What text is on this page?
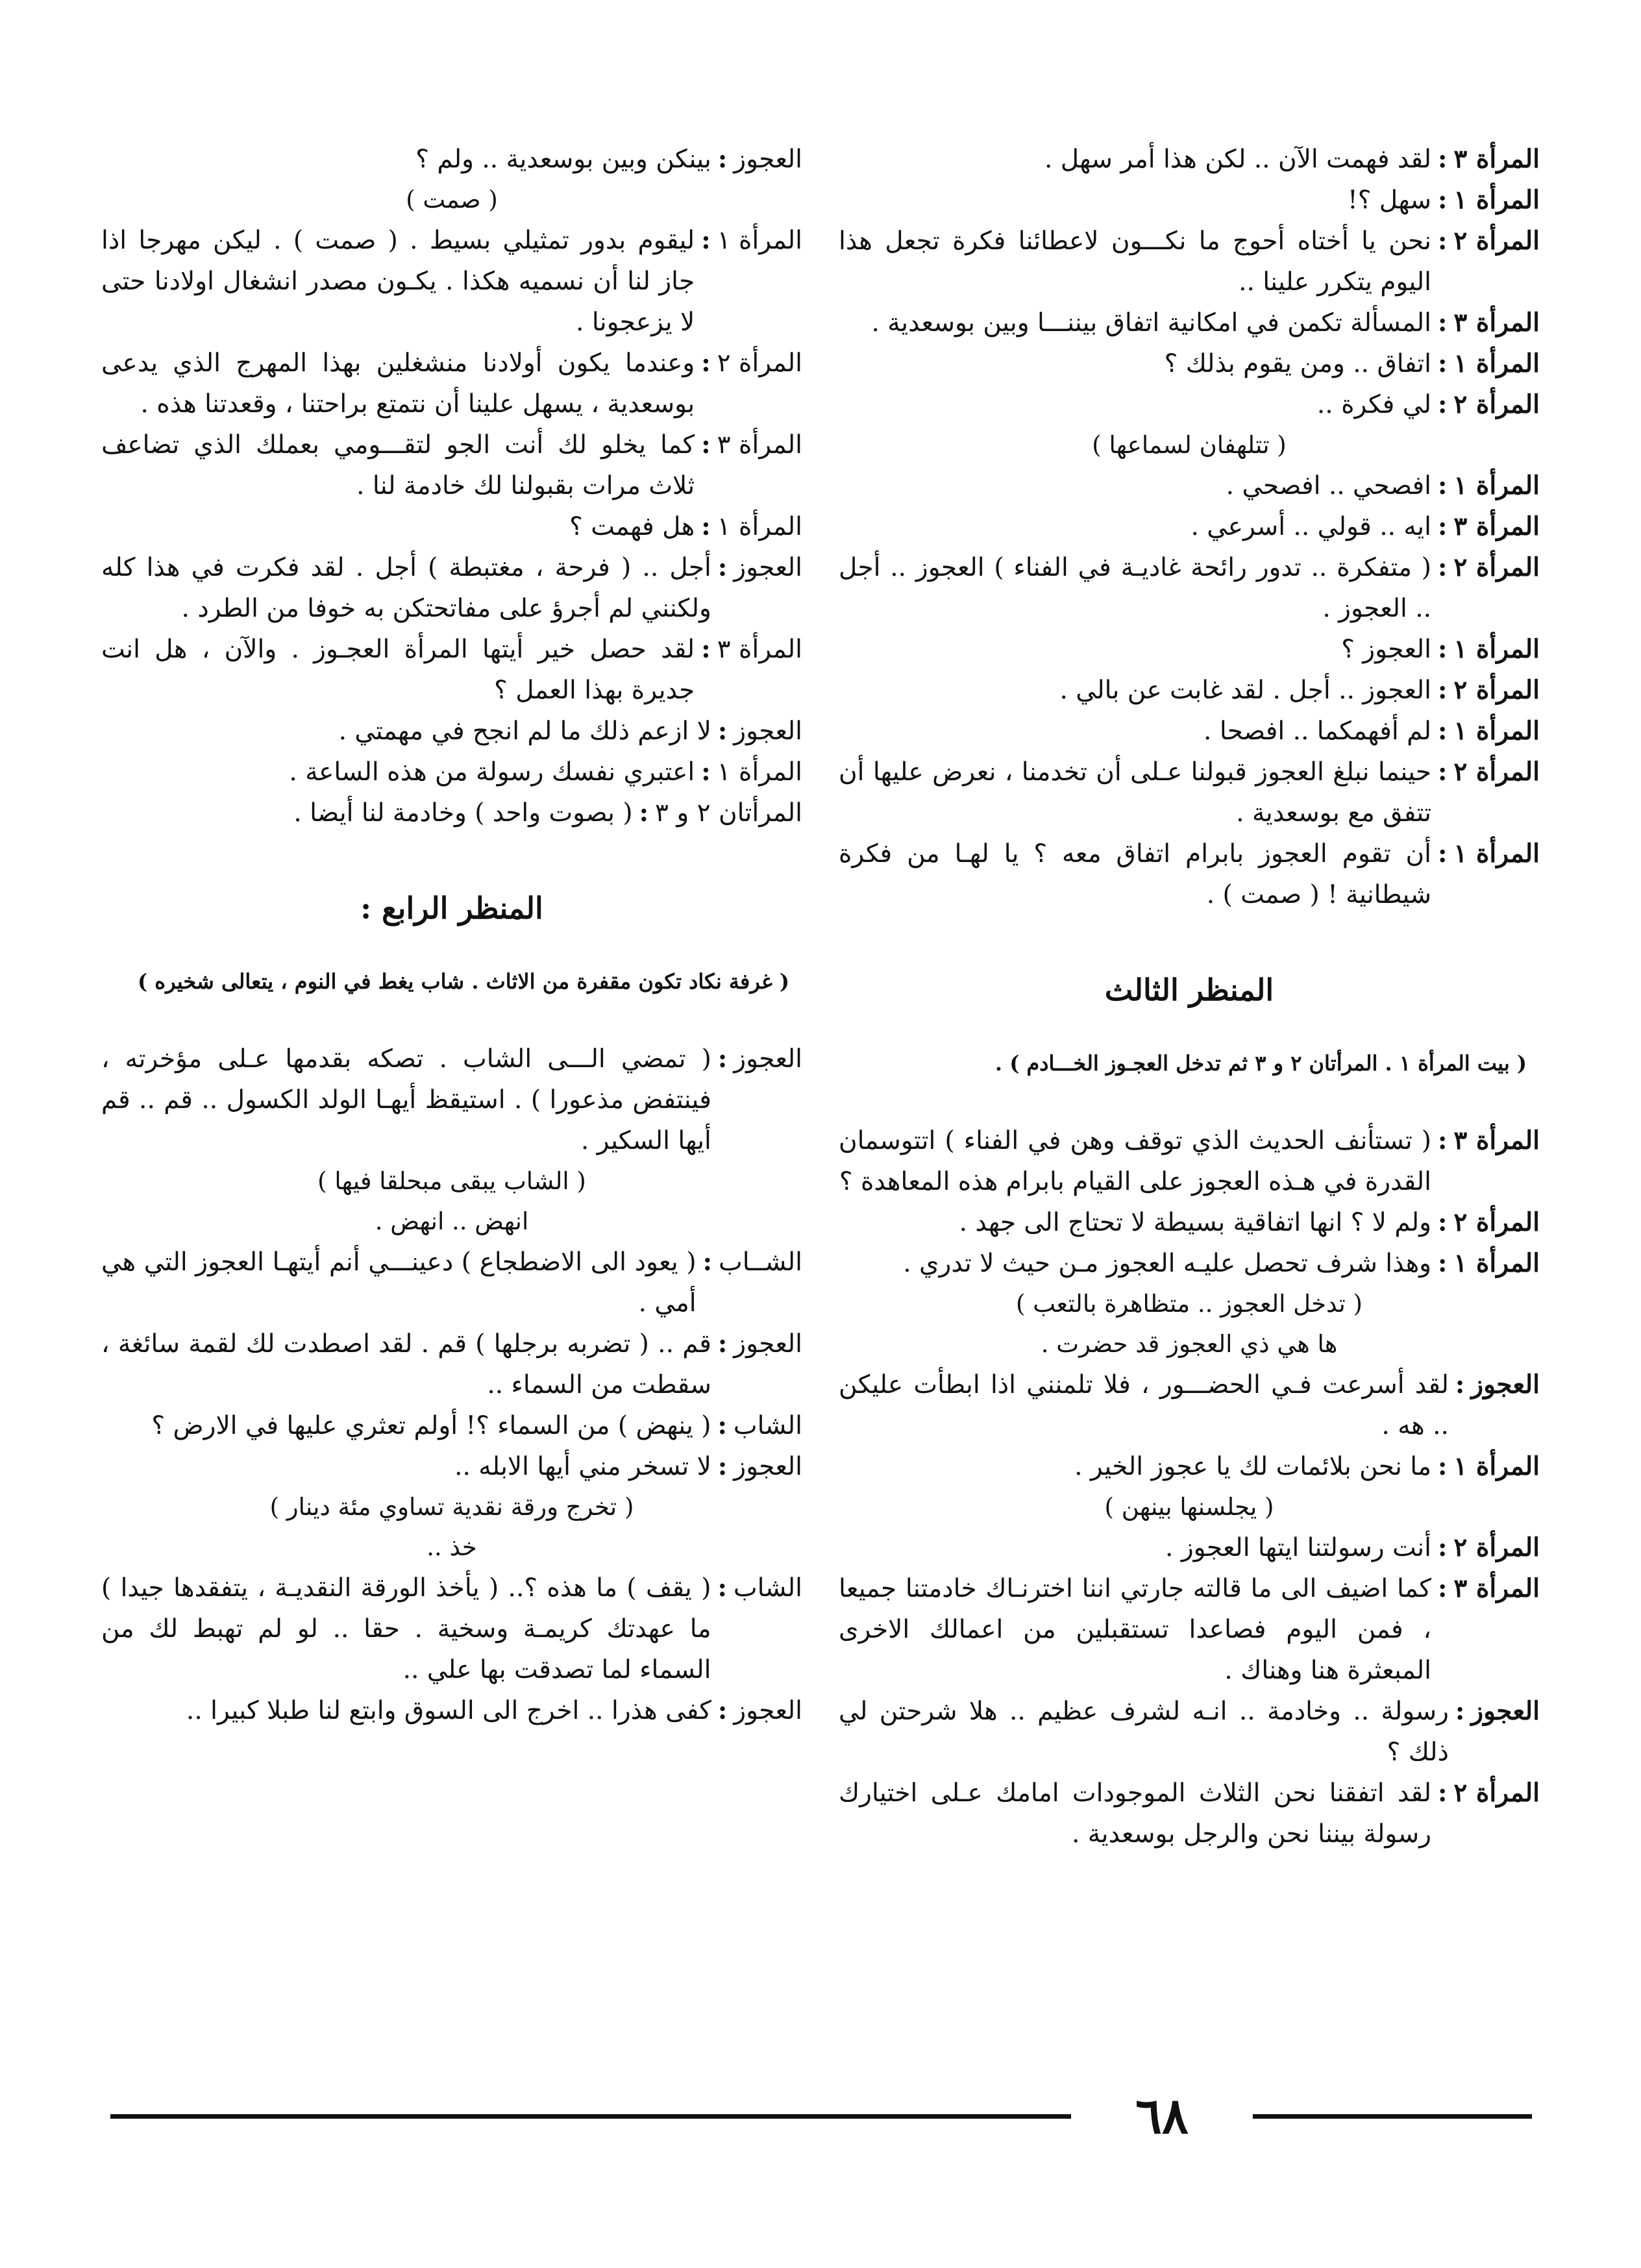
المرأة ٣
:
لقد فهمت الآن .. لكن هذا أمر سهل .
المرأة ١
:
سهل ؟!
المرأة ٢
:
نحن يا أختاه أحوج ما نكـــون لاعطائنا فكرة تجعل هذا اليوم يتكرر علينا ..
المرأة ٣
:
المسألة تكمن في امكانية اتفاق بيننـــا وبين بوسعدية .
المرأة ١
:
اتفاق .. ومن يقوم بذلك ؟
المرأة ٢
:
لي فكرة ..
( تتلهفان لسماعها )
المرأة ١
:
افصحي .. افصحي .
المرأة ٣
:
ايه .. قولي .. أسرعي .
المرأة ٢
:
( متفكرة .. تدور رائحة غاديـة في الفناء ) العجوز .. أجل .. العجوز .
المرأة ١
:
العجوز ؟
المرأة ٢
:
العجوز .. أجل . لقد غابت عن بالي .
المرأة ١
:
لم أفهمكما .. افصحا .
المرأة ٢
:
حينما نبلغ العجوز قبولنا عـلى أن تخدمنا ، نعرض عليها أن تتفق مع بوسعدية .
المرأة ١
:
أن تقوم العجوز بابرام اتفاق معه ؟ يا لهـا من فكرة شيطانية ! ( صمت ) .
المنظر الثالث
( بيت المرأة ١ . المرأتان ٢ و ٣ ثم تدخل العجـوز الخـــادم ) .
المرأة ٣
:
( تستأنف الحديث الذي توقف وهن في الفناء ) اتتوسمان القدرة في هـذه العجوز على القيام بابرام هذه المعاهدة ؟
المرأة ٢
:
ولم لا ؟ انها اتفاقية بسيطة لا تحتاج الى جهد .
المرأة ١
:
وهذا شرف تحصل عليـه العجوز مـن حيث لا تدري .
( تدخل العجوز .. متظاهرة بالتعب )
ها هي ذي العجوز قد حضرت .
العجوز
:
لقد أسرعت فـي الحضـــور ، فلا تلمنني اذا ابطأت عليكن .. هه .
المرأة ١
:
ما نحن بلائمات لك يا عجوز الخير .
( يجلسنها بينهن )
المرأة ٢
:
أنت رسولتنا ايتها العجوز .
المرأة ٣
:
كما اضيف الى ما قالته جارتي اننا اخترنـاك خادمتنا جميعا ، فمن اليوم فصاعدا تستقبلين من اعمالك الاخرى المبعثرة هنا وهناك .
العجوز
:
رسولة .. وخادمة .. انـه لشرف عظيم .. هلا شرحتن لي ذلك ؟
المرأة ٢
:
لقد اتفقنا نحن الثلاث الموجودات امامك عـلى اختيارك رسولة بيننا نحن والرجل بوسعدية .
العجوز
:
بينكن وبين بوسعدية .. ولم ؟
( صمت )
المرأة ١
:
ليقوم بدور تمثيلي بسيط . ( صمت ) . ليكن مهرجا اذا جاز لنا أن نسميه هكذا . يكـون مصدر انشغال اولادنا حتى لا يزعجونا .
المرأة ٢
:
وعندما يكون أولادنا منشغلين بهذا المهرج الذي يدعى بوسعدية ، يسهل علينا أن نتمتع براحتنا ، وقعدتنا هذه .
المرأة ٣
:
كما يخلو لك أنت الجو لتقـــومي بعملك الذي تضاعف ثلاث مرات بقبولنا لك خادمة لنا .
المرأة ١
:
هل فهمت ؟
العجوز
:
أجل .. ( فرحة ، مغتبطة ) أجل . لقد فكرت في هذا كله ولكنني لم أجرؤ على مفاتحتكن به خوفا من الطرد .
المرأة ٣
:
لقد حصل خير أيتها المرأة العجـوز . والآن ، هل انت جديرة بهذا العمل ؟
العجوز
:
لا ازعم ذلك ما لم انجح في مهمتي .
المرأة ١
:
اعتبري نفسك رسولة من هذه الساعة .
المرأتان ٢ و ٣
:
( بصوت واحد ) وخادمة لنا أيضا .
المنظر الرابع :
( غرفة نكاد تكون مقفرة من الاثاث . شاب يغط في النوم ، يتعالى شخيره )
العجوز
:
( تمضي الـــى الشاب . تصكه بقدمها عـلى مؤخرته ، فينتفض مذعورا ) . استيقظ أيهـا الولد الكسول .. قم .. قم أيها السكير .
( الشاب يبقى مبحلقا فيها )
انهض .. انهض .
الشــاب
:
( يعود الى الاضطجاع ) دعينـــي أنم أيتهـا العجوز التي هي أمي .
العجوز
:
قم .. ( تضربه برجلها ) قم . لقد اصطدت لك لقمة سائغة ، سقطت من السماء ..
الشاب
:
( ينهض ) من السماء ؟! أولم تعثري عليها في الارض ؟
العجوز
:
لا تسخر مني أيها الابله ..
( تخرج ورقة نقدية تساوي مئة دينار )
خذ ..
الشاب
:
( يقف ) ما هذه ؟.. ( يأخذ الورقة النقديـة ، يتفقدها جيدا ) ما عهدتك كريمـة وسخية . حقا .. لو لم تهبط لك من السماء لما تصدقت بها علي ..
العجوز
:
كفى هذرا .. اخرج الى السوق وابتع لنا طبلا كبيرا ..
٦٨
